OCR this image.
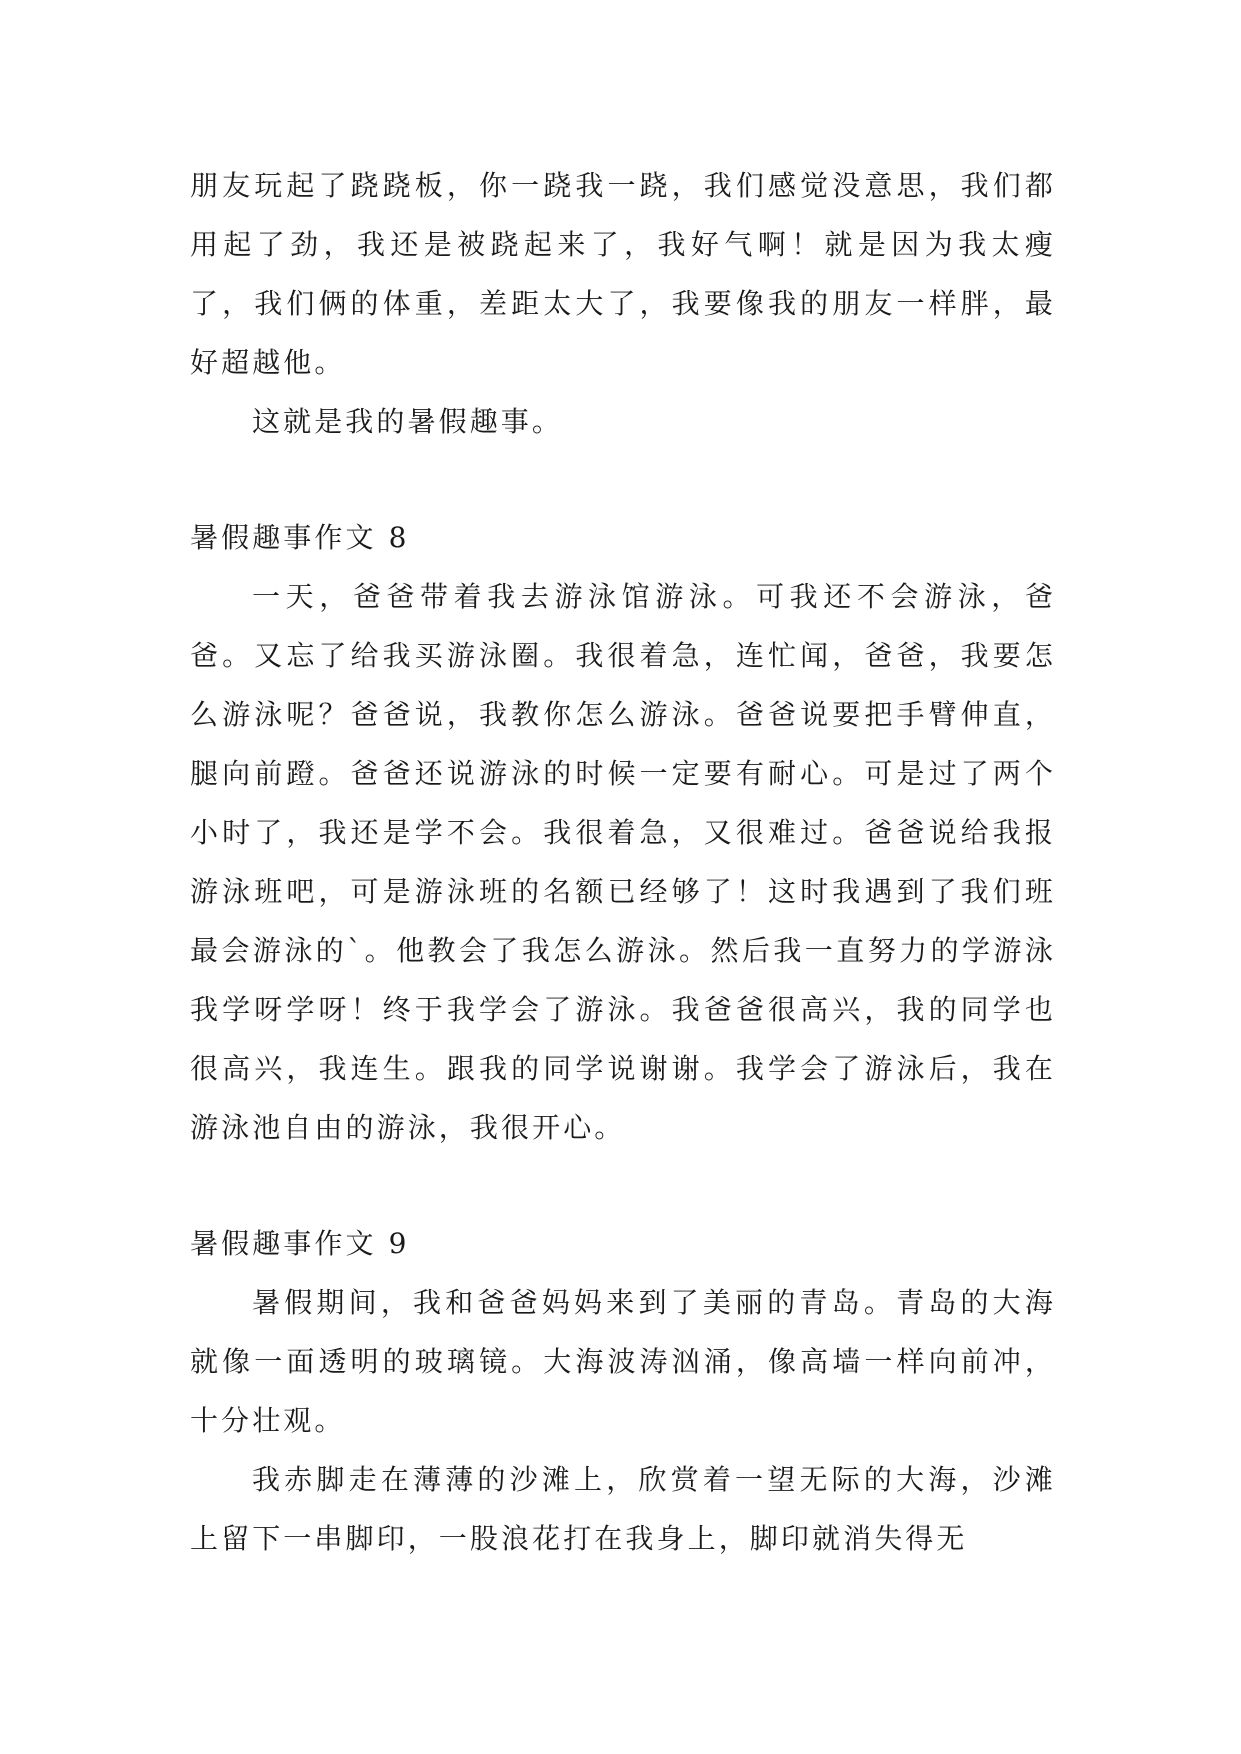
朋友玩起了跷跷板，你一跷我一跷，我们感觉没意思，我们都用起了劲，我还是被跷起来了，我好气啊！就是因为我太瘦了，我们俩的体重，差距太大了，我要像我的朋友一样胖，最好超越他。

这就是我的暑假趣事。

暑假趣事作文 8

一天，爸爸带着我去游泳馆游泳。可我还不会游泳，爸爸。又忘了给我买游泳圈。我很着急，连忙闻，爸爸，我要怎么游泳呢？爸爸说，我教你怎么游泳。爸爸说要把手臂伸直，腿向前蹬。爸爸还说游泳的时候一定要有耐心。可是过了两个小时了，我还是学不会。我很着急，又很难过。爸爸说给我报游泳班吧，可是游泳班的名额已经够了！这时我遇到了我们班最会游泳的`。他教会了我怎么游泳。然后我一直努力的学游泳我学呀学呀！终于我学会了游泳。我爸爸很高兴，我的同学也很高兴，我连生。跟我的同学说谢谢。我学会了游泳后，我在游泳池自由的游泳，我很开心。

暑假趣事作文 9

暑假期间，我和爸爸妈妈来到了美丽的青岛。青岛的大海就像一面透明的玻璃镜。大海波涛汹涌，像高墙一样向前冲，十分壮观。

我赤脚走在薄薄的沙滩上，欣赏着一望无际的大海，沙滩上留下一串脚印，一股浪花打在我身上，脚印就消失得无
